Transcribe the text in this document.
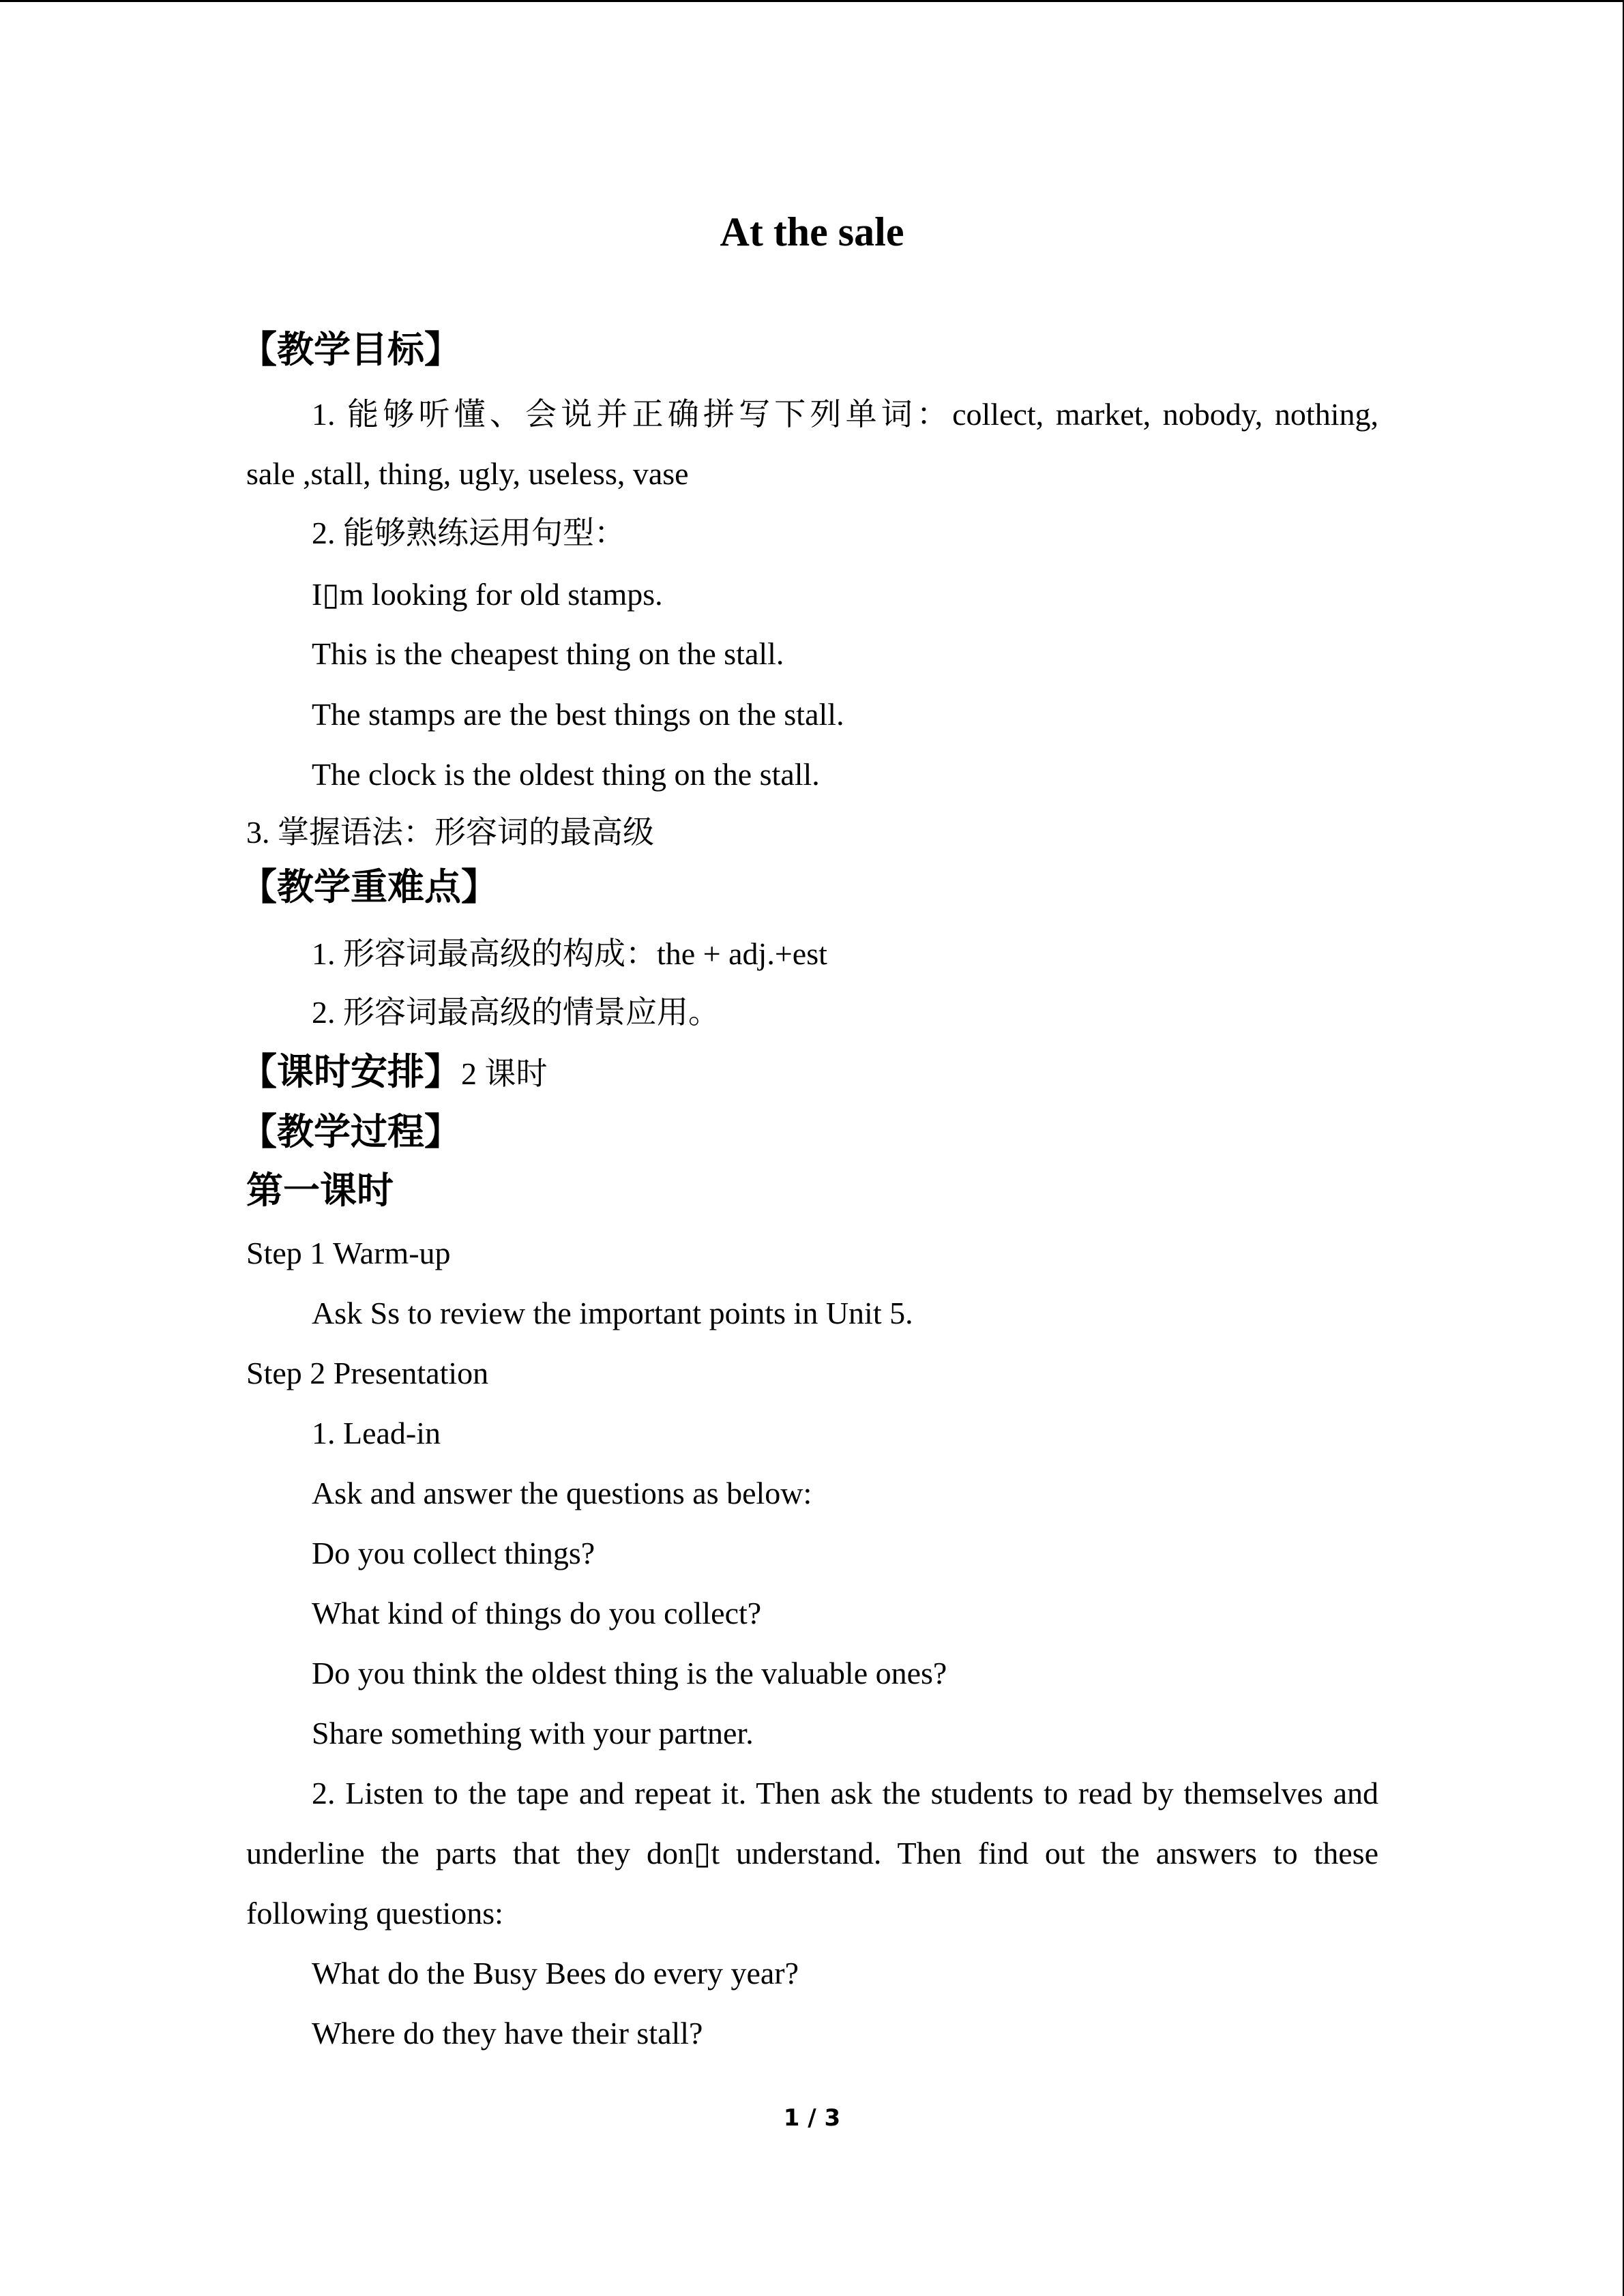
At the sale
【教学目标】
1. 能够听懂、会说并正确拼写下列单词：collect, market, nobody, nothing,
sale ,stall, thing, ugly, useless, vase
2. 能够熟练运用句型：
I▯m looking for old stamps.
This is the cheapest thing on the stall.
The stamps are the best things on the stall.
The clock is the oldest thing on the stall.
3. 掌握语法：形容词的最高级
【教学重难点】
1. 形容词最高级的构成：the + adj.+est
2. 形容词最高级的情景应用。
【课时安排】2 课时
【教学过程】
第一课时
Step 1 Warm-up
Ask Ss to review the important points in Unit 5.
Step 2 Presentation
1. Lead-in
Ask and answer the questions as below:
Do you collect things?
What kind of things do you collect?
Do you think the oldest thing is the valuable ones?
Share something with your partner.
2. Listen to the tape and repeat it. Then ask the students to read by themselves and
underline the parts that they don▯t understand. Then find out the answers to these
following questions:
What do the Busy Bees do every year?
Where do they have their stall?
1 / 3
